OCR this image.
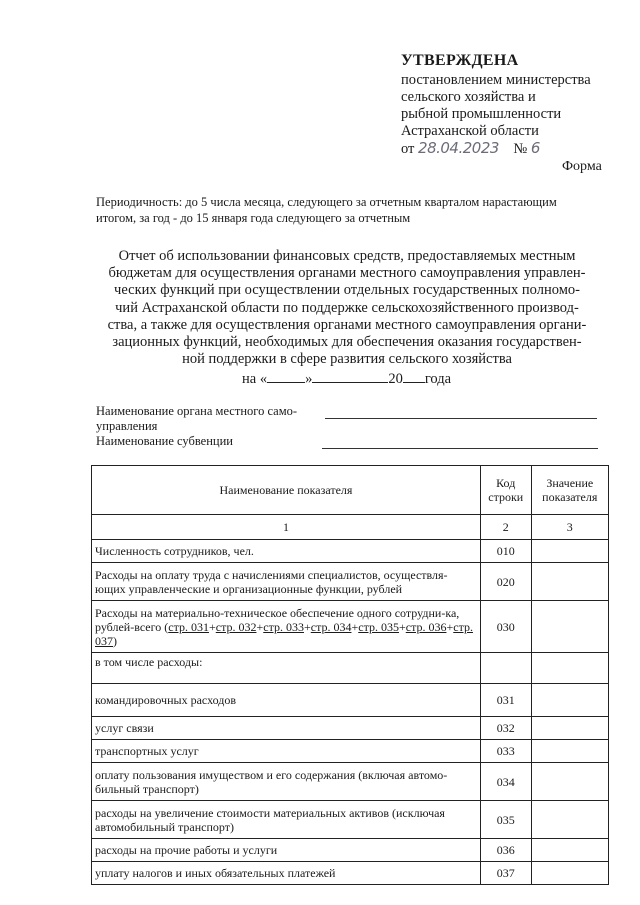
УТВЕРЖДЕНА
постановлением министерства
сельского хозяйства и
рыбной промышленности
Астраханской области
от 28.04.2023 № 6
Форма
Периодичность: до 5 числа месяца, следующего за отчетным кварталом нарастающим итогом, за год - до 15 января года следующего за отчетным
Отчет об использовании финансовых средств, предоставляемых местным
бюджетам для осуществления органами местного самоуправления управлен-
ческих функций при осуществлении отдельных государственных полномо-
чий Астраханской области по поддержке сельскохозяйственного производ-
ства, а также для осуществления органами местного самоуправления органи-
зационных функций, необходимых для обеспечения оказания государствен-
ной поддержки в сфере развития сельского хозяйства
на «	»	20 года
Наименование органа местного само-
управления
Наименование субвенции
Наименование показателя	Код строки	Значение показателя
1	2	3
Численность сотрудников, чел.	010	
Расходы на оплату труда с начислениями специалистов, осуществля-ющих управленческие и организационные функции, рублей	020	
Расходы на материально-техническое обеспечение одного сотрудни-ка, рублей-всего (стр. 031+стр. 032+стр. 033+стр. 034+стр. 035+стр. 036+стр. 037)	030	
в том числе расходы:		
командировочных расходов	031	
услуг связи	032	
транспортных услуг	033	
оплату пользования имуществом и его содержания (включая автомо-бильный транспорт)	034	
расходы на увеличение стоимости материальных активов (исключая автомобильный транспорт)	035	
расходы на прочие работы и услуги	036	
уплату налогов и иных обязательных платежей	037	
